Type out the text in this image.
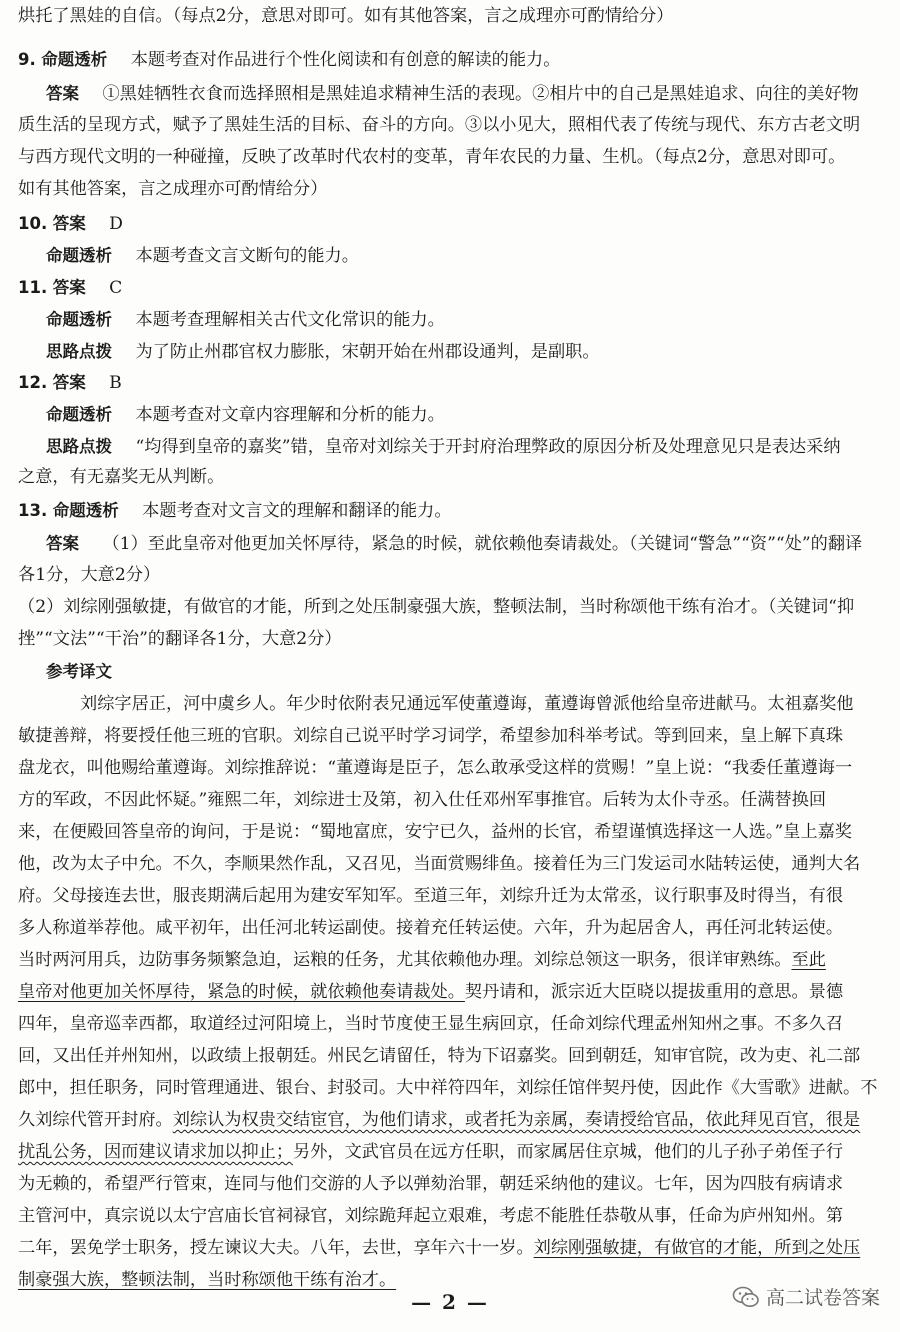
烘托了黑娃的自信。（每点2分，意思对即可。如有其他答案，言之成理亦可酌情给分）
9. 命题透析 本题考查对作品进行个性化阅读和有创意的解读的能力。
答案 ①黑娃牺牲衣食而选择照相是黑娃追求精神生活的表现。②相片中的自己是黑娃追求、向往的美好物
质生活的呈现方式，赋予了黑娃生活的目标、奋斗的方向。③以小见大，照相代表了传统与现代、东方古老文明
与西方现代文明的一种碰撞，反映了改革时代农村的变革，青年农民的力量、生机。（每点2分，意思对即可。
如有其他答案，言之成理亦可酌情给分）
10. 答案 D
命题透析 本题考查文言文断句的能力。
11. 答案 C
命题透析 本题考查理解相关古代文化常识的能力。
思路点拨 为了防止州郡官权力膨胀，宋朝开始在州郡设通判，是副职。
12. 答案 B
命题透析 本题考查对文章内容理解和分析的能力。
思路点拨 “均得到皇帝的嘉奖”错，皇帝对刘综关于开封府治理弊政的原因分析及处理意见只是表达采纳
之意，有无嘉奖无从判断。
13. 命题透析 本题考查对文言文的理解和翻译的能力。
答案 （1）至此皇帝对他更加关怀厚待，紧急的时候，就依赖他奏请裁处。（关键词“警急”“资”“处”的翻译
各1分，大意2分）
（2）刘综刚强敏捷，有做官的才能，所到之处压制豪强大族，整顿法制，当时称颂他干练有治才。（关键词“抑
挫”“文法”“干治”的翻译各1分，大意2分）
参考译文
刘综字居正，河中虞乡人。年少时依附表兄通远军使董遵诲，董遵诲曾派他给皇帝进献马。太祖嘉奖他
敏捷善辩，将要授任他三班的官职。刘综自己说平时学习词学，希望参加科举考试。等到回来，皇上解下真珠
盘龙衣，叫他赐给董遵诲。刘综推辞说：“董遵诲是臣子，怎么敢承受这样的赏赐！”皇上说：“我委任董遵诲一
方的军政，不因此怀疑。”雍熙二年，刘综进士及第，初入仕任邓州军事推官。后转为太仆寺丞。任满替换回
来，在便殿回答皇帝的询问，于是说：“蜀地富庶，安宁已久，益州的长官，希望谨慎选择这一人选。”皇上嘉奖
他，改为太子中允。不久，李顺果然作乱，又召见，当面赏赐绯鱼。接着任为三门发运司水陆转运使，通判大名
府。父母接连去世，服丧期满后起用为建安军知军。至道三年，刘综升迁为太常丞，议行职事及时得当，有很
多人称道举荐他。咸平初年，出任河北转运副使。接着充任转运使。六年，升为起居舍人，再任河北转运使。
当时两河用兵，边防事务频繁急迫，运粮的任务，尤其依赖他办理。刘综总领这一职务，很详审熟练。至此
皇帝对他更加关怀厚待，紧急的时候，就依赖他奏请裁处。契丹请和，派宗近大臣晓以提拔重用的意思。景德
四年，皇帝巡幸西都，取道经过河阳境上，当时节度使王显生病回京，任命刘综代理孟州知州之事。不多久召
回，又出任并州知州，以政绩上报朝廷。州民乞请留任，特为下诏嘉奖。回到朝廷，知审官院，改为吏、礼二部
郎中，担任职务，同时管理通进、银台、封驳司。大中祥符四年，刘综任馆伴契丹使，因此作《大雪歌》进献。不
久刘综代管开封府。刘综认为权贵交结宦官，为他们请求，或者托为亲属，奏请授给官品，依此拜见百官，很是
扰乱公务，因而建议请求加以抑止；另外，文武官员在远方任职，而家属居住京城，他们的儿子孙子弟侄子行
为无赖的，希望严行管束，连同与他们交游的人予以弹劾治罪，朝廷采纳他的建议。七年，因为四肢有病请求
主管河中，真宗说以太宁宫庙长官祠禄官，刘综跪拜起立艰难，考虑不能胜任恭敬从事，任命为庐州知州。第
二年，罢免学士职务，授左谏议大夫。八年，去世，享年六十一岁。刘综刚强敏捷，有做官的才能，所到之处压
制豪强大族，整顿法制，当时称颂他干练有治才。
— 2 —	高二试卷答案
